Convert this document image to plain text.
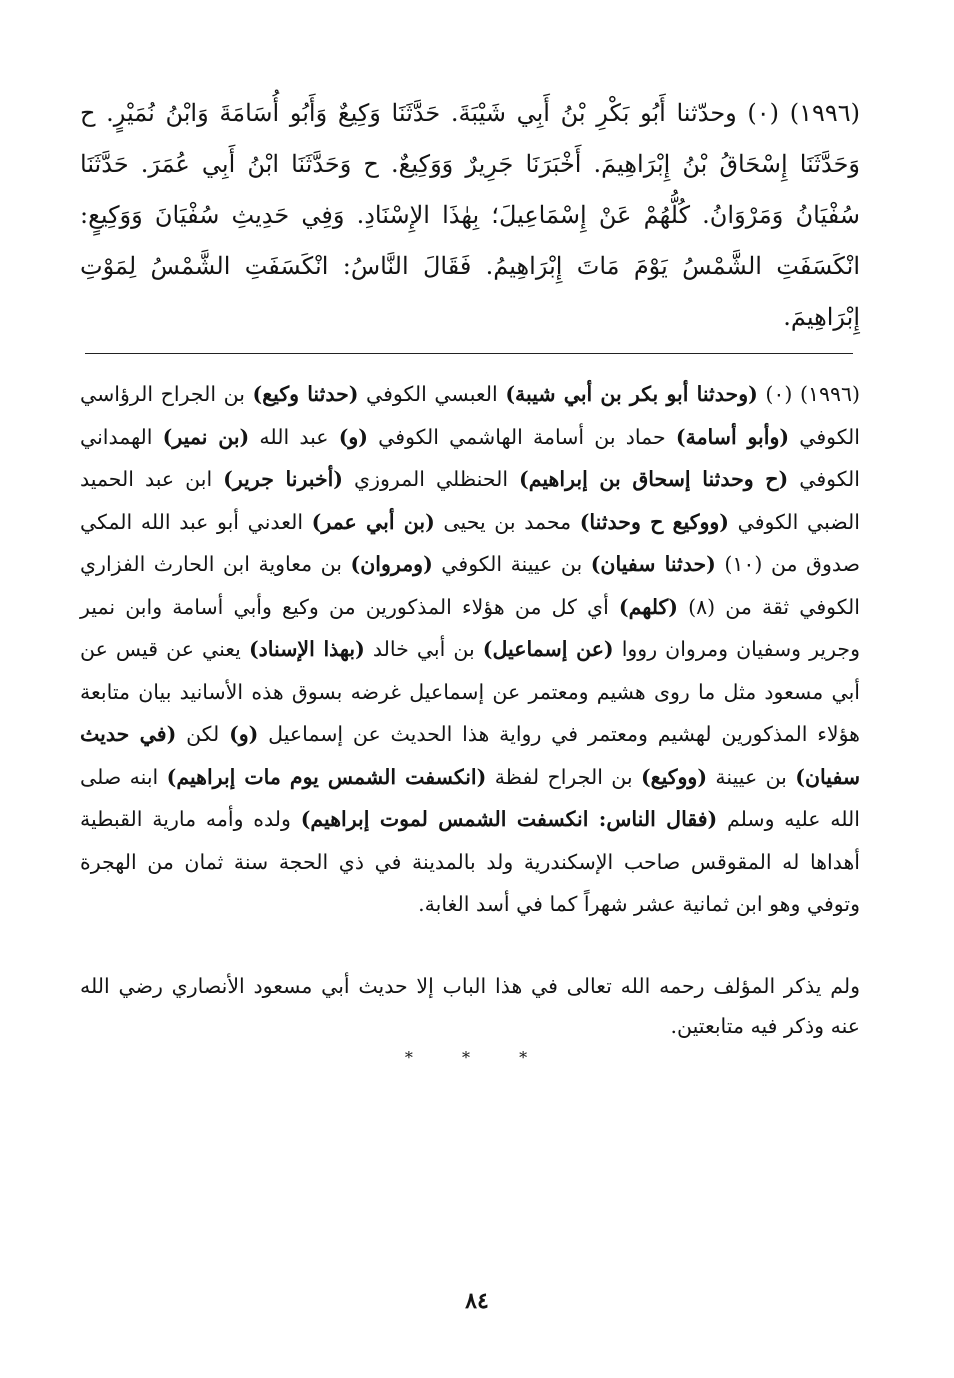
(١٩٩٦) (٠) وحدّثنا أَبُو بَكْرِ بْنُ أَبِي شَيْبَةَ. حَدَّثَنَا وَكِيعٌ وَأَبُو أُسَامَةَ وَابْنُ نُمَيْرٍ. ح وَحَدَّثَنَا إِسْحَاقُ بْنُ إِبْرَاهِيمَ. أَخْبَرَنَا جَرِيرٌ وَوَكِيعٌ. ح وَحَدَّثَنَا ابْنُ أَبِي عُمَرَ. حَدَّثَنَا سُفْيَانُ وَمَرْوَانُ. كُلُّهُمْ عَنْ إِسْمَاعِيلَ؛ بِهٰذَا الإِسْنَادِ. وَفِي حَدِيثِ سُفْيَانَ وَوَكِيعٍ: انْكَسَفَتِ الشَّمْسُ يَوْمَ مَاتَ إِبْرَاهِيمُ. فَقَالَ النَّاسُ: انْكَسَفَتِ الشَّمْسُ لِمَوْتِ إِبْرَاهِيمَ.

(١٩٩٦) (٠) (وحدثنا أبو بكر بن أبي شيبة) العبسي الكوفي (حدثنا وكيع) بن الجراح الرؤاسي الكوفي (وأبو أسامة) حماد بن أسامة الهاشمي الكوفي (و) عبد الله (بن نمير) الهمداني الكوفي (ح وحدثنا إسحاق بن إبراهيم) الحنظلي المروزي (أخبرنا جرير) ابن عبد الحميد الضبي الكوفي (ووكيع ح وحدثنا) محمد بن يحيى (بن أبي عمر) العدني أبو عبد الله المكي صدوق من (١٠) (حدثنا سفيان) بن عيينة الكوفي (ومروان) بن معاوية ابن الحارث الفزاري الكوفي ثقة من (٨) (كلهم) أي كل من هؤلاء المذكورين من وكيع وأبي أسامة وابن نمير وجرير وسفيان ومروان رووا (عن إسماعيل) بن أبي خالد (بهذا الإسناد) يعني عن قيس عن أبي مسعود مثل ما روى هشيم ومعتمر عن إسماعيل غرضه بسوق هذه الأسانيد بيان متابعة هؤلاء المذكورين لهشيم ومعتمر في رواية هذا الحديث عن إسماعيل (و) لكن (في حديث سفيان) بن عيينة (ووكيع) بن الجراح لفظة (انكسفت الشمس يوم مات إبراهيم) ابنه صلى الله عليه وسلم (فقال الناس: انكسفت الشمس لموت إبراهيم) ولده وأمه مارية القبطية أهداها له المقوقس صاحب الإسكندرية ولد بالمدينة في ذي الحجة سنة ثمان من الهجرة وتوفي وهو ابن ثمانية عشر شهراً كما في أسد الغابة.

ولم يذكر المؤلف رحمه الله تعالى في هذا الباب إلا حديث أبي مسعود الأنصاري رضي الله عنه وذكر فيه متابعتين.
* * *
٨٤
